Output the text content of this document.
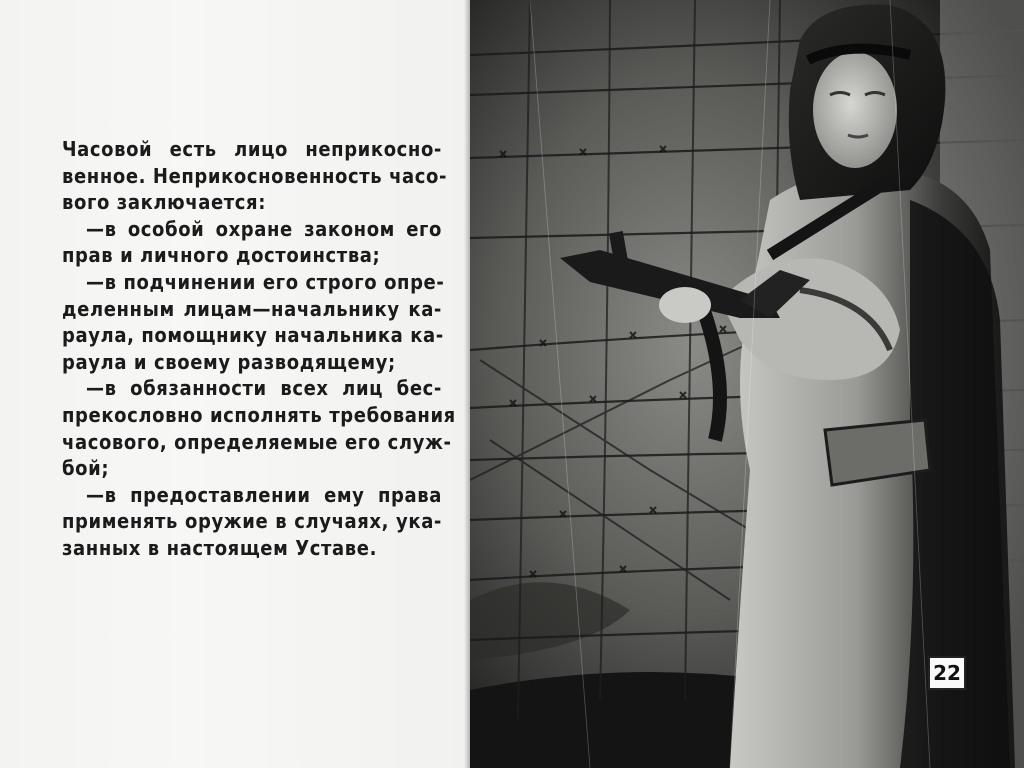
Часовой есть лицо неприкосно-
венное. Неприкосновенность часо-
вого заключается:
—в особой охране законом его
прав и личного достоинства;
—в подчинении его строго опре-
деленным лицам—начальнику ка-
раула, помощнику начальника ка-
раула и своему разводящему;
—в обязанности всех лиц бес-
прекословно исполнять требования
часового, определяемые его служ-
бой;
—в предоставлении ему права
применять оружие в случаях, ука-
занных в настоящем Уставе.
22
